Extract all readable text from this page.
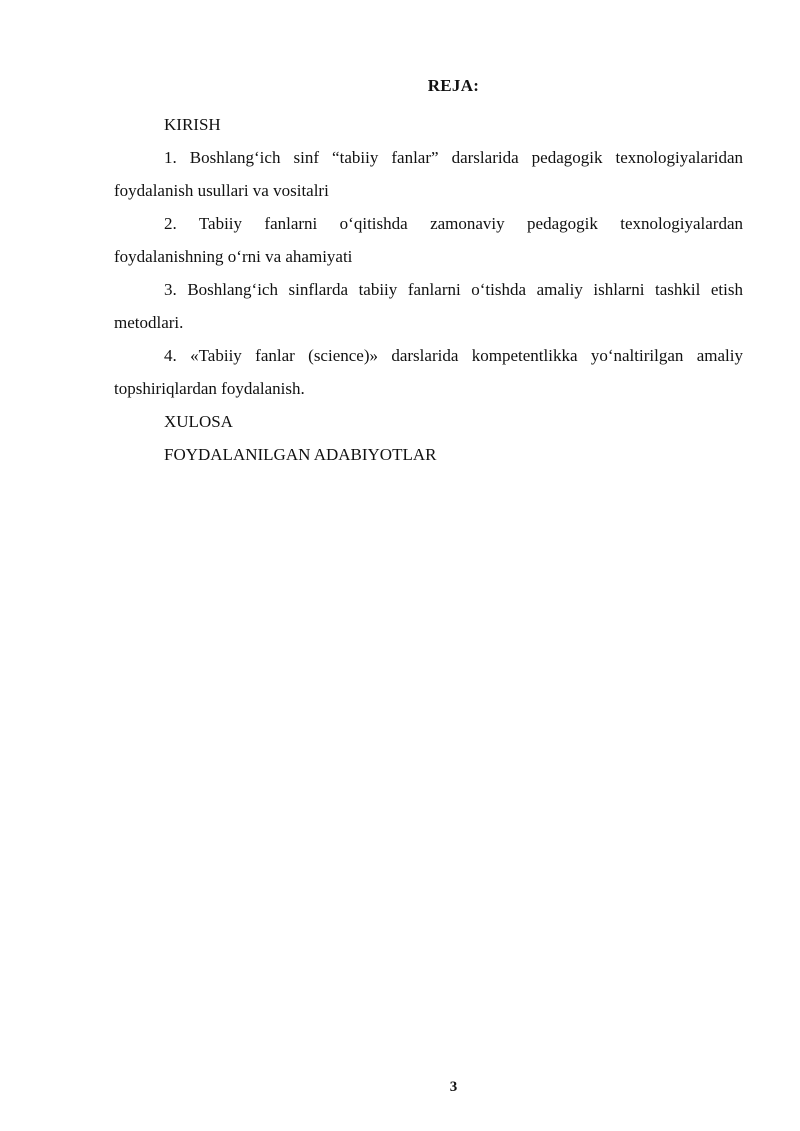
REJA:

KIRISH

1. Boshlang‘ich sinf “tabiiy fanlar” darslarida pedagogik texnologiyalaridan foydalanish usullari va vositalri

2. Tabiiy fanlarni o‘qitishda zamonaviy pedagogik texnologiyalardan foydalanishning o‘rni va ahamiyati

3. Boshlang‘ich sinflarda tabiiy fanlarni o‘tishda amaliy ishlarni tashkil etish metodlari.

4. «Tabiiy fanlar (science)» darslarida kompetentlikka yo‘naltirilgan amaliy topshiriqlardan foydalanish.

XULOSA

FOYDALANILGAN ADABIYOTLAR

3
